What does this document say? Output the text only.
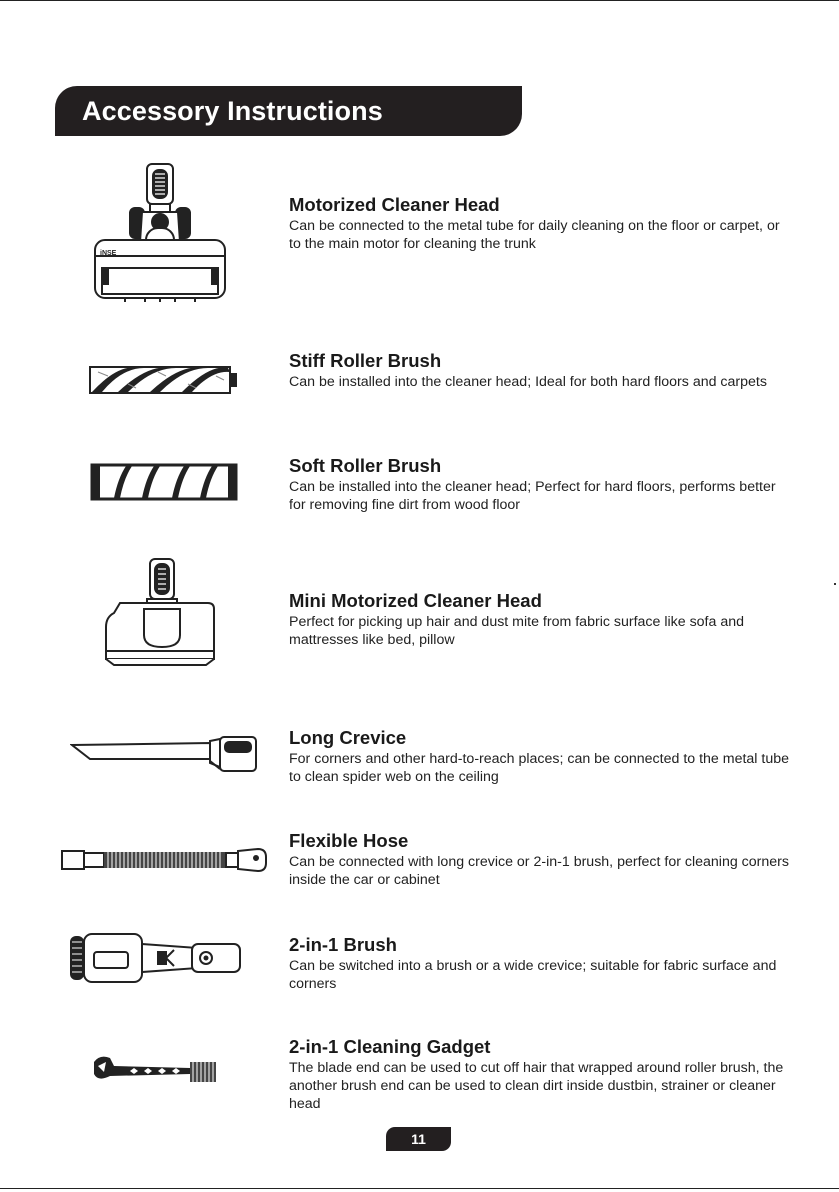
Accessory Instructions
iNSE
Motorized Cleaner Head
Can be connected to the metal tube for daily cleaning on the floor or carpet, or to the main motor for cleaning the trunk
Stiff Roller Brush
Can be installed into the cleaner head; Ideal for both hard floors and carpets
Soft Roller Brush
Can be installed into the cleaner head; Perfect for hard floors, performs better for removing fine dirt from wood floor
Mini Motorized Cleaner Head
Perfect for picking up hair and dust mite from fabric surface like sofa and mattresses like bed, pillow
Long Crevice
For corners and other hard-to-reach places; can be connected to the metal tube to clean spider web on the ceiling
Flexible Hose
Can be connected with long crevice or 2-in-1 brush, perfect for cleaning corners inside the car or cabinet
2-in-1 Brush
Can be switched into a brush or a wide crevice; suitable for fabric surface and corners
2-in-1 Cleaning Gadget
The blade end can be used to cut off hair that wrapped around roller brush, the another brush end can be used to clean dirt inside dustbin, strainer or cleaner head
11
